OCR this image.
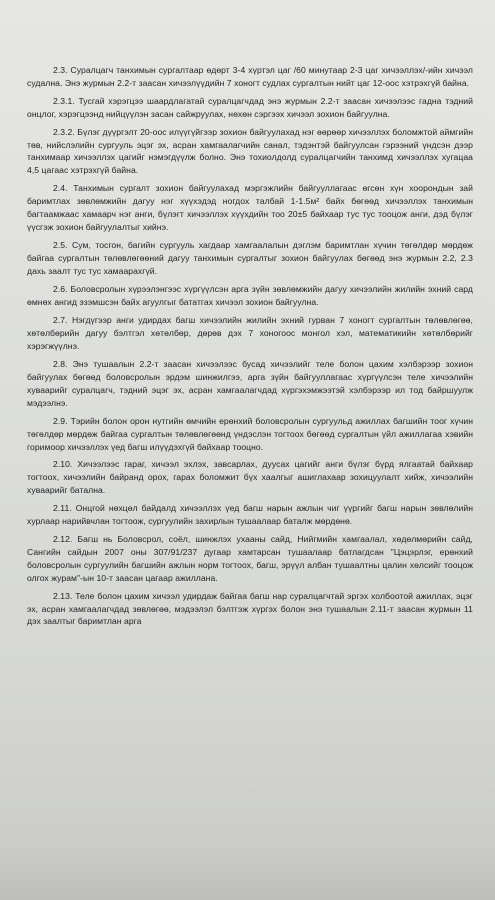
2.3. Суралцагч танхимын сургалтаар өдөрт 3-4 хүртэл цаг /60 минутаар 2-3 цаг хичээллэх/-ийн хичээл судална. Энэ журмын 2.2-т заасан хичээлүүдийн 7 хоногт судлах сургалтын нийт цаг 12-оос хэтрэхгүй байна.

2.3.1. Тусгай хэрэгцээ шаардлагатай суралцагчдад энэ журмын 2.2-т заасан хичээлээс гадна тэдний онцлог, хэрэгцээнд нийцүүлэн засан сайжруулах, нөхөн сэргээх хичээл зохион байгуулна.

2.3.2. Бүлэг дүүргэлт 20-оос илүүгүйгээр зохион байгуулахад нэг өөрөөр хичээллэх боломжтой аймгийн төв, нийслэлийн сургууль эцэг эх, асран хамгаалагчийн санал, тэдэнтэй байгуулсан гэрээний үндсэн дээр танхимаар хичээллэх цагийг нэмэгдүүлж болно. Энэ тохиолдолд суралцагчийн танхимд хичээллэх хугацаа 4,5 цагаас хэтрэхгүй байна.

2.4. Танхимын сургалт зохион байгуулахад мэргэжлийн байгууллагаас өгсөн хүн хоорондын зай баримтлах зөвлөмжийн дагуу нэг хүүхэдэд ногдох талбай 1-1.5м² байх бөгөөд хичээллэх танхимын багтаамжаас хамаарч нэг анги, бүлэгт хичээллэх хүүхдийн тоо 20±5 байхаар тус тус тооцож анги, дэд бүлэг үүсгэж зохион байгуулалтыг хийнэ.

2.5. Сум, тосгон, багийн сургууль хагдаар хамгаалалын дэглэм баримтлан хүчин төгөлдөр мөрдөж байгаа сургалтын төлөвлөгөөний дагуу танхимын сургалтыг зохион байгуулах бөгөөд энэ журмын 2.2, 2.3 дахь заалт тус тус хамаарахгүй.

2.6. Боловсролын хүрээлэнгээс хүргүүлсэн арга зүйн зөвлөмжийн дагуу хичээлийн жилийн эхний сард өмнөх ангид эзэмшсэн байх агуулгыг бататгах хичээл зохион байгуулна.

2.7. Нэгдүгээр анги удирдах багш хичээлийн жилийн эхний гурван 7 хоногт сургалтын төлөвлөгөө, хөтөлбөрийн дагуу бэлтгэл хөтөлбөр, дөрөв дэх 7 хоногоос монгол хэл, математикийн хөтөлбөрийг хэрэгжүүлнэ.

2.8. Энэ тушаалын 2.2-т заасан хичээлээс бусад хичээлийг теле болон цахим хэлбэрээр зохион байгуулах бөгөөд боловсролын эрдэм шинжилгээ, арга зүйн байгууллагаас хүргүүлсэн теле хичээлийн хуваарийг суралцагч, тэдний эцэг эх, асран хамгаалагчдад хүргэхэмжээтэй хэлбэрээр ил тод байршуулж мэдээлнэ.

2.9. Тэрийн болон орон нутгийн өмчийн ерөнхий боловсролын сургуульд ажиллах багшийн тоог хүчин төгөлдөр мөрдөж байгаа сургалтын төлөвлөгөөнд үндэслэн тогтоох бөгөөд сургалтын үйл ажиллагаа хэвийн горимоор хичээллэх үед багш илүүдэхгүй байхаар тооцно.

2.10. Хичээлээс гараг, хичээл эхлэх, завсарлах, дуусах цагийг анги бүлэг бүрд ялгаатай байхаар тогтоох, хичээлийн байранд орох, гарах боломжит бүх хаалгыг ашиглахаар зохицуулалт хийж, хичээлийн хуваарийг баталнa.

2.11. Онцгой нөхцөл байдалд хичээллэх үед багш нарын ажлын чиг үүргийг багш нарын зөвлөлийн хурлаар нарийвчлан тогтоож, сургуулийн захирлын тушаалаар баталж мөрдөнө.

2.12. Багш нь Боловсрол, соёл, шинжлэх ухааны сайд, Нийгмийн хамгаалал, хөдөлмөрийн сайд, Сангийн сайдын 2007 оны 307/91/237 дугаар хамтарсан тушаалаар батлагдсан "Цэцэрлэг, ерөнхий боловсролын сургуулийн багшийн ажлын норм тогтоох, багш, эрүүл албан тушаалтны цалин хөлсийг тооцож олгох журам"-ын 10-т заасан цагаар ажиллана.

2.13. Теле болон цахим хичээл удирдаж байгаа багш нар суралцагчтай эргэх холбоотой ажиллах, эцэг эх, асран хамгаалагчдад зөвлөгөө, мэдээлэл бэлтгэж хүргэх болон энэ тушаалын 2.11-т заасан журмын 11 дэх заалтыг баримтлан арга
